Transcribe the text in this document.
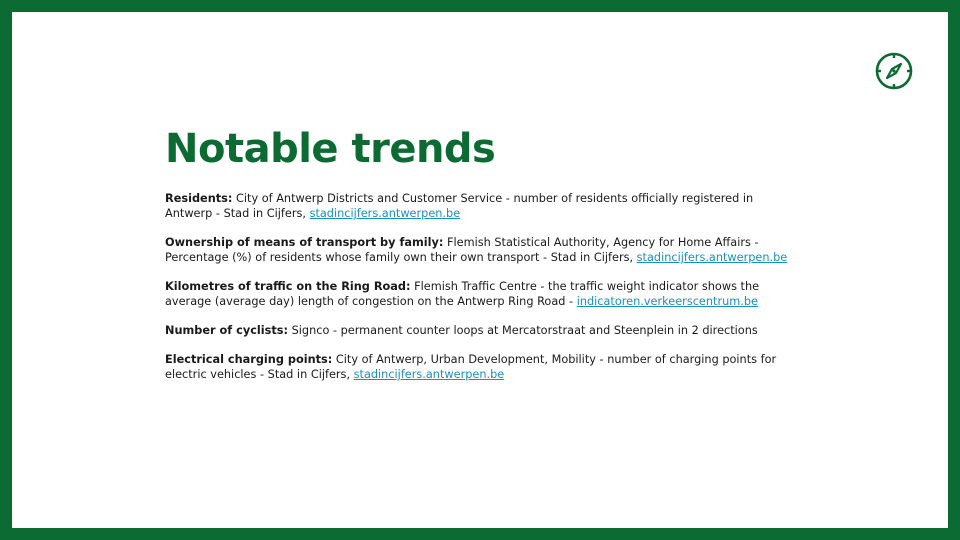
Notable trends

Residents: City of Antwerp Districts and Customer Service - number of residents officially registered in Antwerp - Stad in Cijfers, stadincijfers.antwerpen.be

Ownership of means of transport by family: Flemish Statistical Authority, Agency for Home Affairs - Percentage (%) of residents whose family own their own transport - Stad in Cijfers, stadincijfers.antwerpen.be

Kilometres of traffic on the Ring Road: Flemish Traffic Centre - the traffic weight indicator shows the average (average day) length of congestion on the Antwerp Ring Road - indicatoren.verkeerscentrum.be

Number of cyclists: Signco - permanent counter loops at Mercatorstraat and Steenplein in 2 directions

Electrical charging points: City of Antwerp, Urban Development, Mobility - number of charging points for electric vehicles - Stad in Cijfers, stadincijfers.antwerpen.be
